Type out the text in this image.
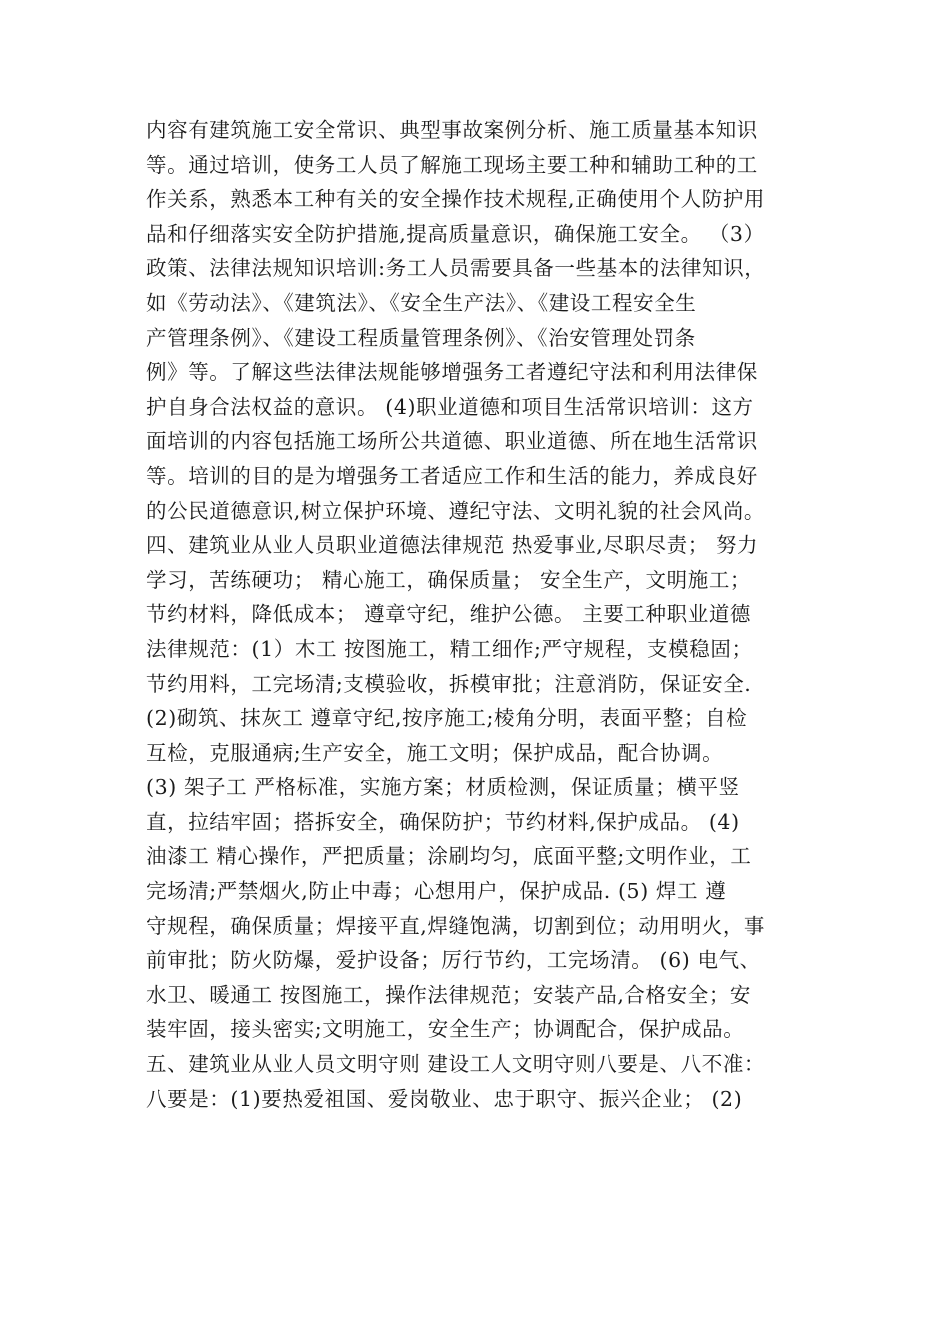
内容有建筑施工安全常识、典型事故案例分析、施工质量基本知识
等。通过培训，使务工人员了解施工现场主要工种和辅助工种的工
作关系，熟悉本工种有关的安全操作技术规程,正确使用个人防护用
品和仔细落实安全防护措施,提高质量意识，确保施工安全。 （3）
政策、法律法规知识培训:务工人员需要具备一些基本的法律知识，
如《劳动法》、《建筑法》、《安全生产法》、《建设工程安全生
产管理条例》、《建设工程质量管理条例》、《治安管理处罚条
例》等。了解这些法律法规能够增强务工者遵纪守法和利用法律保
护自身合法权益的意识。 (4)职业道德和项目生活常识培训：这方
面培训的内容包括施工场所公共道德、职业道德、所在地生活常识
等。培训的目的是为增强务工者适应工作和生活的能力，养成良好
的公民道德意识,树立保护环境、遵纪守法、文明礼貌的社会风尚。
四、建筑业从业人员职业道德法律规范 热爱事业,尽职尽责； 努力
学习，苦练硬功； 精心施工，确保质量； 安全生产，文明施工；
节约材料，降低成本； 遵章守纪，维护公德。 主要工种职业道德
法律规范：(1）木工 按图施工，精工细作;严守规程，支模稳固；
节约用料，工完场清;支模验收，拆模审批；注意消防，保证安全.
(2)砌筑、抹灰工 遵章守纪,按序施工;棱角分明，表面平整；自检
互检，克服通病;生产安全，施工文明；保护成品，配合协调。
(3) 架子工 严格标准，实施方案；材质检测，保证质量；横平竖
直，拉结牢固；搭拆安全，确保防护；节约材料,保护成品。 (4)
油漆工 精心操作，严把质量；涂刷均匀，底面平整;文明作业，工
完场清;严禁烟火,防止中毒；心想用户，保护成品. (5) 焊工 遵
守规程，确保质量；焊接平直,焊缝饱满，切割到位；动用明火，事
前审批；防火防爆，爱护设备；厉行节约，工完场清。 (6) 电气、
水卫、暖通工 按图施工，操作法律规范；安装产品,合格安全；安
装牢固，接头密实;文明施工，安全生产；协调配合，保护成品。
五、建筑业从业人员文明守则 建设工人文明守则八要是、八不准：
八要是：(1)要热爱祖国、爱岗敬业、忠于职守、振兴企业； (2)
